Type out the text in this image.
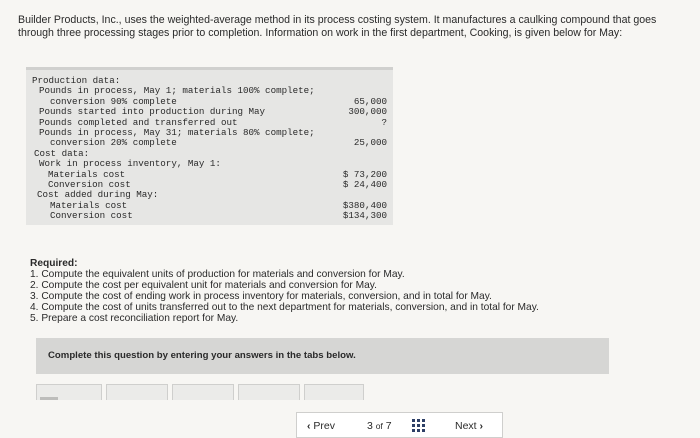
Builder Products, Inc., uses the weighted-average method in its process costing system. It manufactures a caulking compound that goes through three processing stages prior to completion. Information on work in the first department, Cooking, is given below for May:
Production data:
Pounds in process, May 1; materials 100% complete;
conversion 90% complete	65,000
Pounds started into production during May	300,000
Pounds completed and transferred out	?
Pounds in process, May 31; materials 80% complete;
conversion 20% complete	25,000
Cost data:
Work in process inventory, May 1:
Materials cost	$ 73,200
Conversion cost	$ 24,400
Cost added during May:
Materials cost	$380,400
Conversion cost	$134,300
Required:
1. Compute the equivalent units of production for materials and conversion for May.
2. Compute the cost per equivalent unit for materials and conversion for May.
3. Compute the cost of ending work in process inventory for materials, conversion, and in total for May.
4. Compute the cost of units transferred out to the next department for materials, conversion, and in total for May.
5. Prepare a cost reconciliation report for May.
Complete this question by entering your answers in the tabs below.
‹ Prev	3 of 7	Next ›
